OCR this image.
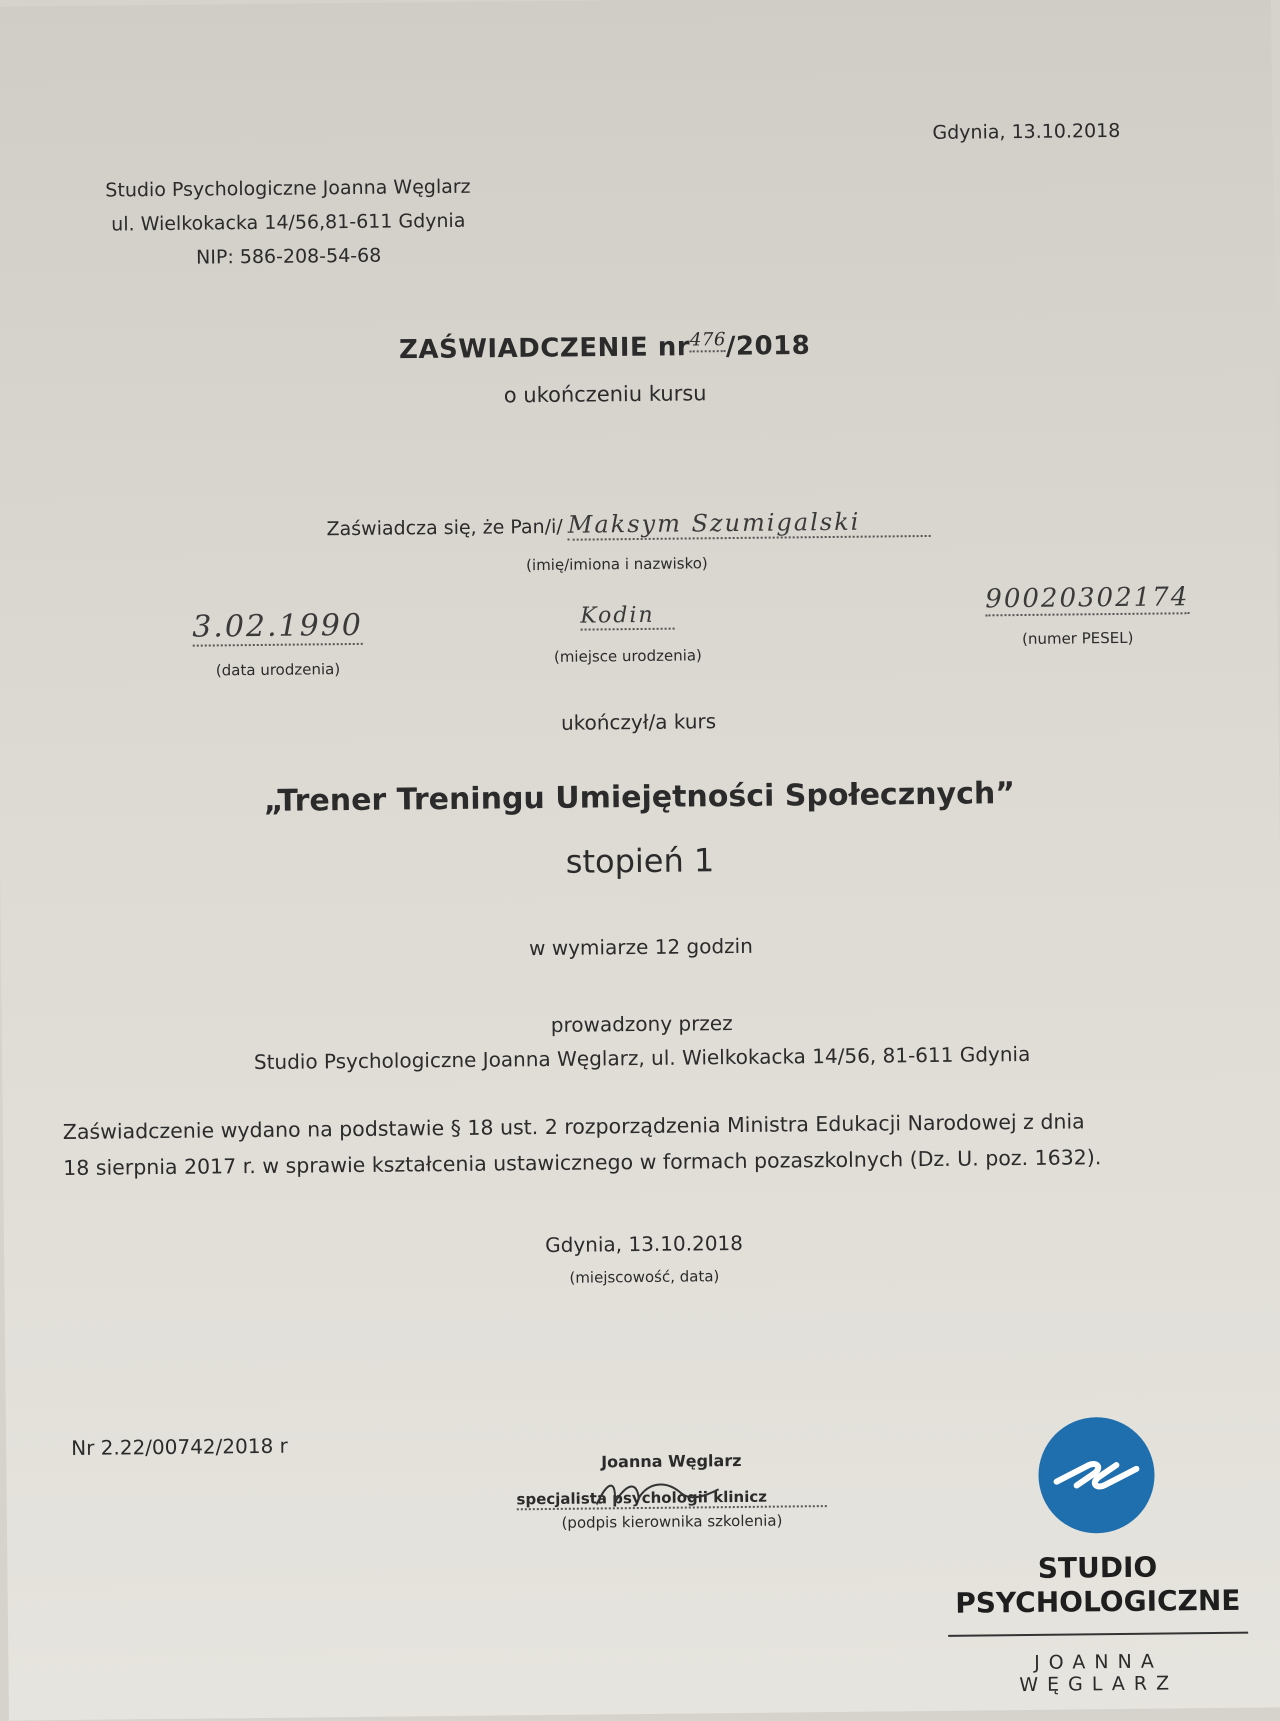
Gdynia, 13.10.2018
Studio Psychologiczne Joanna Węglarz
ul. Wielkokacka 14/56,81-611 Gdynia
NIP: 586-208-54-68
ZAŚWIADCZENIE nr476/2018
o ukończeniu kursu
Zaświadcza się, że Pan/i/ Maksym Szumigalski
(imię/imiona i nazwisko)
3.02.1990
(data urodzenia)
Kodin
(miejsce urodzenia)
90020302174
(numer PESEL)
ukończył/a kurs
„Trener Treningu Umiejętności Społecznych”
stopień 1
w wymiarze 12 godzin
prowadzony przez
Studio Psychologiczne Joanna Węglarz, ul. Wielkokacka 14/56, 81-611 Gdynia
Zaświadczenie wydano na podstawie § 18 ust. 2 rozporządzenia Ministra Edukacji Narodowej z dnia
18 sierpnia 2017 r. w sprawie kształcenia ustawicznego w formach pozaszkolnych (Dz. U. poz. 1632).
Gdynia, 13.10.2018
(miejscowość, data)
Nr 2.22/00742/2018 r
Joanna Węglarz
specjalista psychologii klinicz
(podpis kierownika szkolenia)
STUDIO
PSYCHOLOGICZNE
JOANNA WĘGLARZ
